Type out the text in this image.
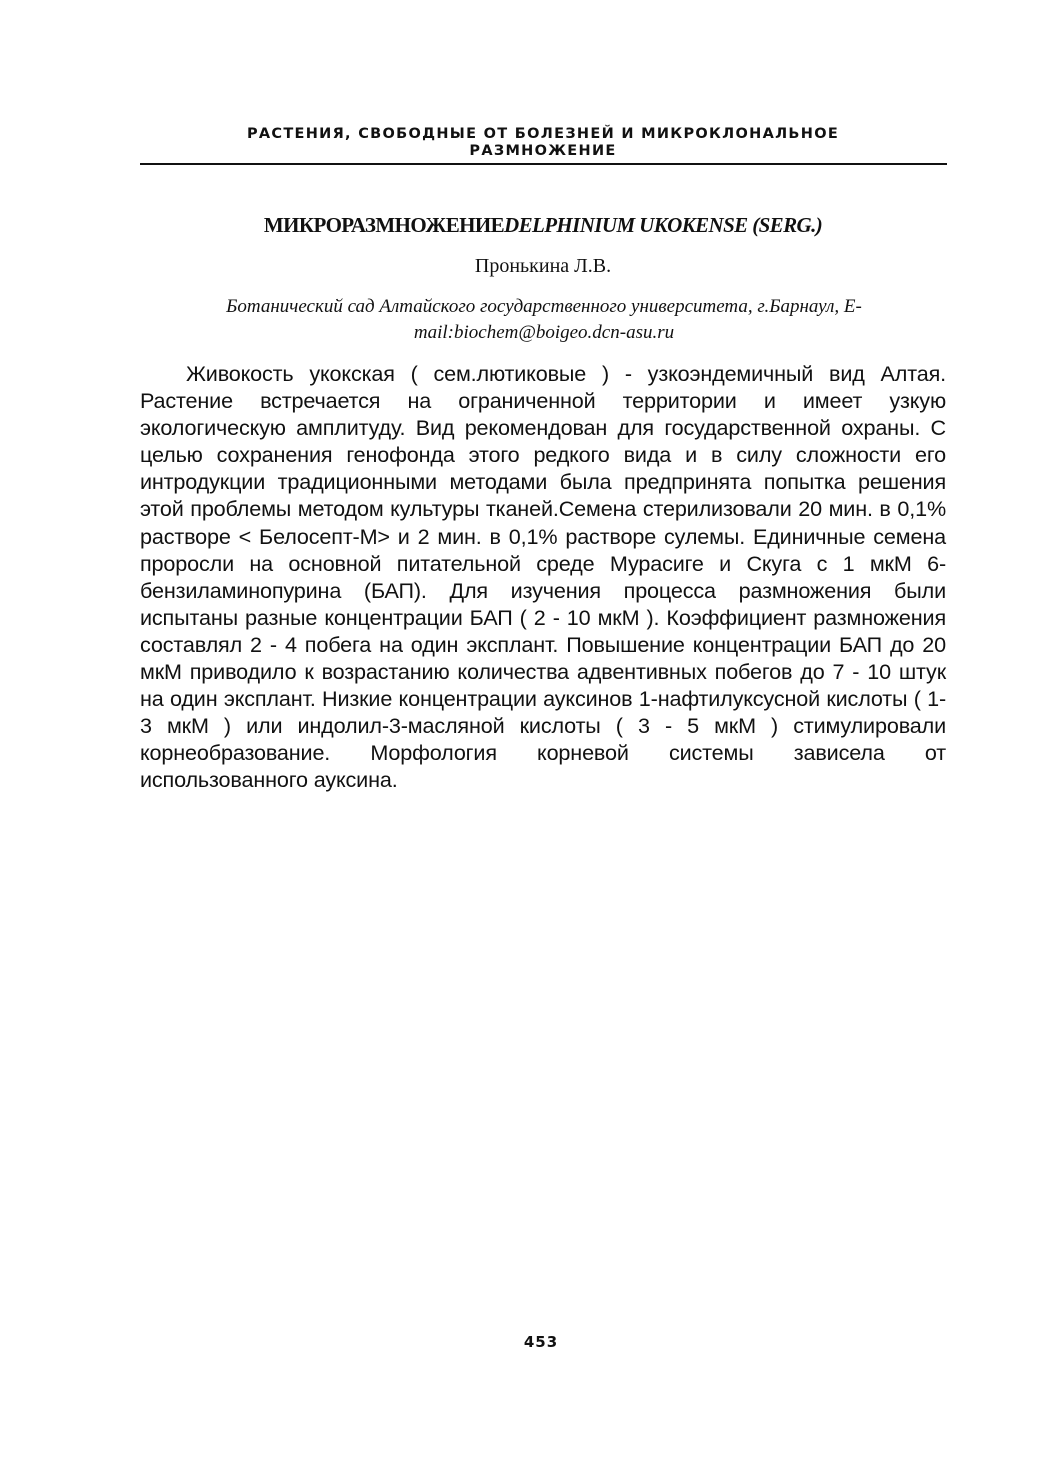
РАСТЕНИЯ, СВОБОДНЫЕ ОТ БОЛЕЗНЕЙ И МИКРОКЛОНАЛЬНОЕ
РАЗМНОЖЕНИЕ
МИКРОРАЗМНОЖЕНИЕDELPHINIUM UKOKENSE (SERG.)
Пронькина Л.В.
Ботанический сад Алтайского государственного университета, г.Барнаул, E-mail:biochem@boigeo.dcn-asu.ru

Живокость укокская ( сем.лютиковые ) - узкоэндемичный вид Алтая. Растение встречается на ограниченной территории и имеет узкую экологическую амплитуду. Вид рекомендован для государственной охраны. С целью сохранения генофонда этого редкого вида и в силу сложности его интродукции традиционными методами была предпринята попытка решения этой проблемы методом культуры тканей.Семена стерилизовали 20 мин. в 0,1% растворе < Белосепт-М> и 2 мин. в 0,1% растворе сулемы. Единичные семена проросли на основной питательной среде Мурасиге и Скуга с 1 мкМ 6-бензиламинопурина (БАП). Для изучения процесса размножения были испытаны разные концентрации БАП ( 2 - 10 мкМ ). Коэффициент размножения составлял 2 - 4 побега на один эксплант. Повышение концентрации БАП до 20 мкМ приводило к возрастанию количества адвентивных побегов до 7 - 10 штук на один эксплант. Низкие концентрации ауксинов 1-нафтилуксусной кислоты ( 1-3 мкМ ) или индолил-3-масляной кислоты ( 3 - 5 мкМ ) стимулировали корнеобразование. Морфология корневой системы зависела от использованного ауксина.

453
